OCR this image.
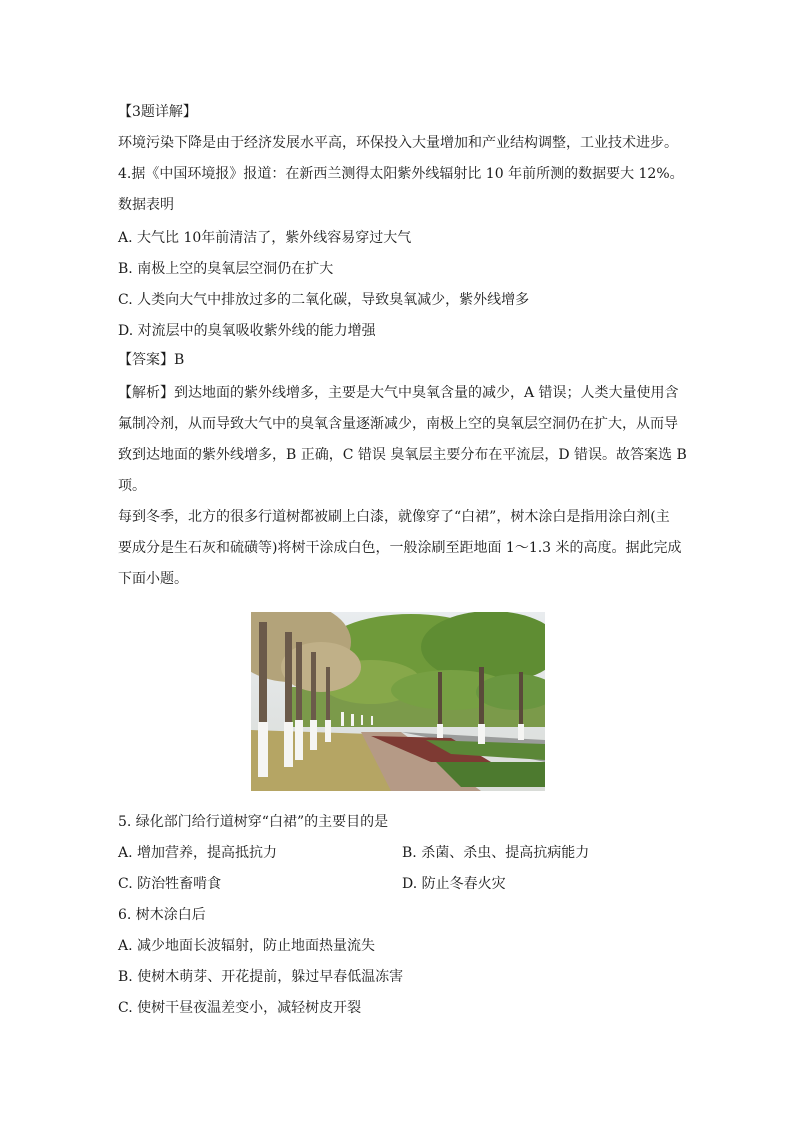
【3题详解】

环境污染下降是由于经济发展水平高，环保投入大量增加和产业结构调整，工业技术进步。

4.据《中国环境报》报道：在新西兰测得太阳紫外线辐射比 10 年前所测的数据要大 12%。

数据表明

A. 大气比 10年前清洁了，紫外线容易穿过大气

B. 南极上空的臭氧层空洞仍在扩大

C. 人类向大气中排放过多的二氧化碳，导致臭氧减少，紫外线增多

D. 对流层中的臭氧吸收紫外线的能力增强

【答案】B

【解析】到达地面的紫外线增多，主要是大气中臭氧含量的减少，A 错误；人类大量使用含

氟制冷剂，从而导致大气中的臭氧含量逐渐减少，南极上空的臭氧层空洞仍在扩大，从而导

致到达地面的紫外线增多，B 正确，C 错误 臭氧层主要分布在平流层，D 错误。故答案选 B

项。

每到冬季，北方的很多行道树都被刷上白漆，就像穿了“白裙”，树木涂白是指用涂白剂(主

要成分是生石灰和硫磺等)将树干涂成白色，一般涂刷至距地面 1～1.3 米的高度。据此完成

下面小题。

5. 绿化部门给行道树穿“白裙”的主要目的是

A. 增加营养，提高抵抗力	B. 杀菌、杀虫、提高抗病能力

C. 防治牲畜啃食	D. 防止冬春火灾

6. 树木涂白后

A. 减少地面长波辐射，防止地面热量流失

B. 使树木萌芽、开花提前，躲过早春低温冻害

C. 使树干昼夜温差变小，减轻树皮开裂
